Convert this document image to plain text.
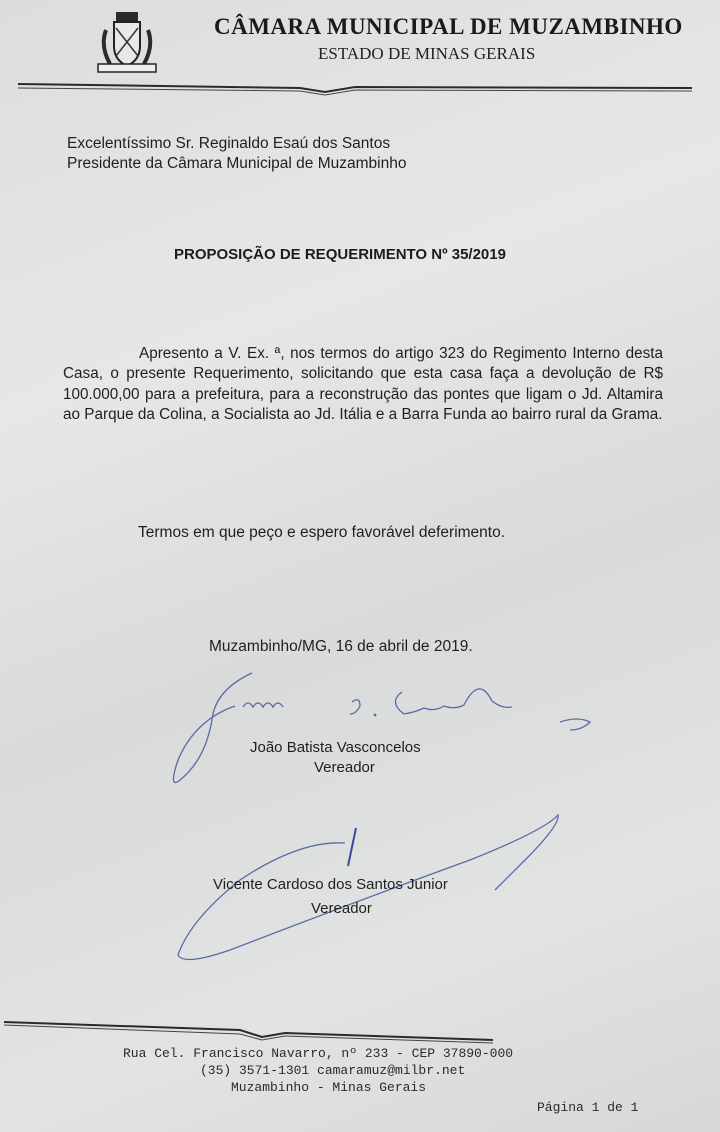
CÂMARA MUNICIPAL DE MUZAMBINHO
ESTADO DE MINAS GERAIS
Excelentíssimo Sr. Reginaldo Esaú dos Santos
Presidente da Câmara Municipal de Muzambinho
PROPOSIÇÃO DE REQUERIMENTO Nº 35/2019
Apresento a V. Ex. ª, nos termos do artigo 323 do Regimento Interno desta Casa, o presente Requerimento, solicitando que esta casa faça a devolução de R$ 100.000,00 para a prefeitura, para a reconstrução das pontes que ligam o Jd. Altamira ao Parque da Colina, a Socialista ao Jd. Itália e a Barra Funda ao bairro rural da Grama.
Termos em que peço e espero favorável deferimento.
Muzambinho/MG, 16 de abril de 2019.
João Batista Vasconcelos
Vereador
Vicente Cardoso dos Santos Junior
Vereador
Rua Cel. Francisco Navarro, nº 233 - CEP 37890-000
(35) 3571-1301 camaramuz@milbr.net
Muzambinho - Minas Gerais
Página 1 de 1
